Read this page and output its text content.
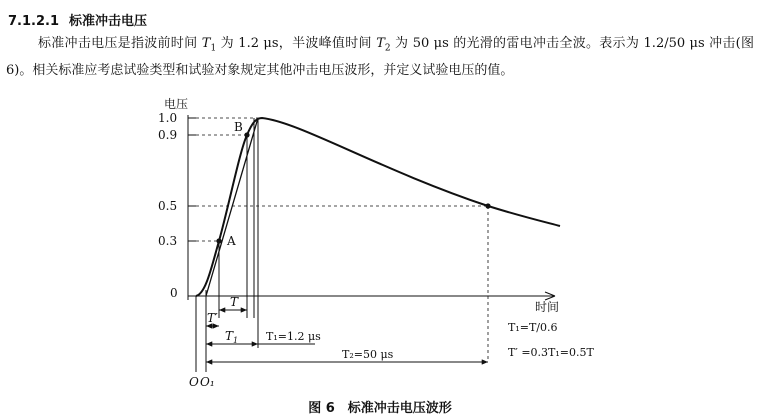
7.1.2.1 标准冲击电压
标准冲击电压是指波前时间 $T_1$ 为 1.2 μs，半波峰值时间 $T_2$ 为 50 μs 的光滑的雷电冲击全波。表示为 1.2/50 μs 冲击(图 6)。相关标准应考虑试验类型和试验对象规定其他冲击电压波形，并定义试验电压的值。
电压
时间
1.0
0.9
0.5
0.3
0
A
B
T
T′
$T_1$	T₁=1.2 μs
T₂=50 μs
T₁=T/0.6
T′ =0.3T₁=0.5T
O O₁
图 6　标准冲击电压波形
